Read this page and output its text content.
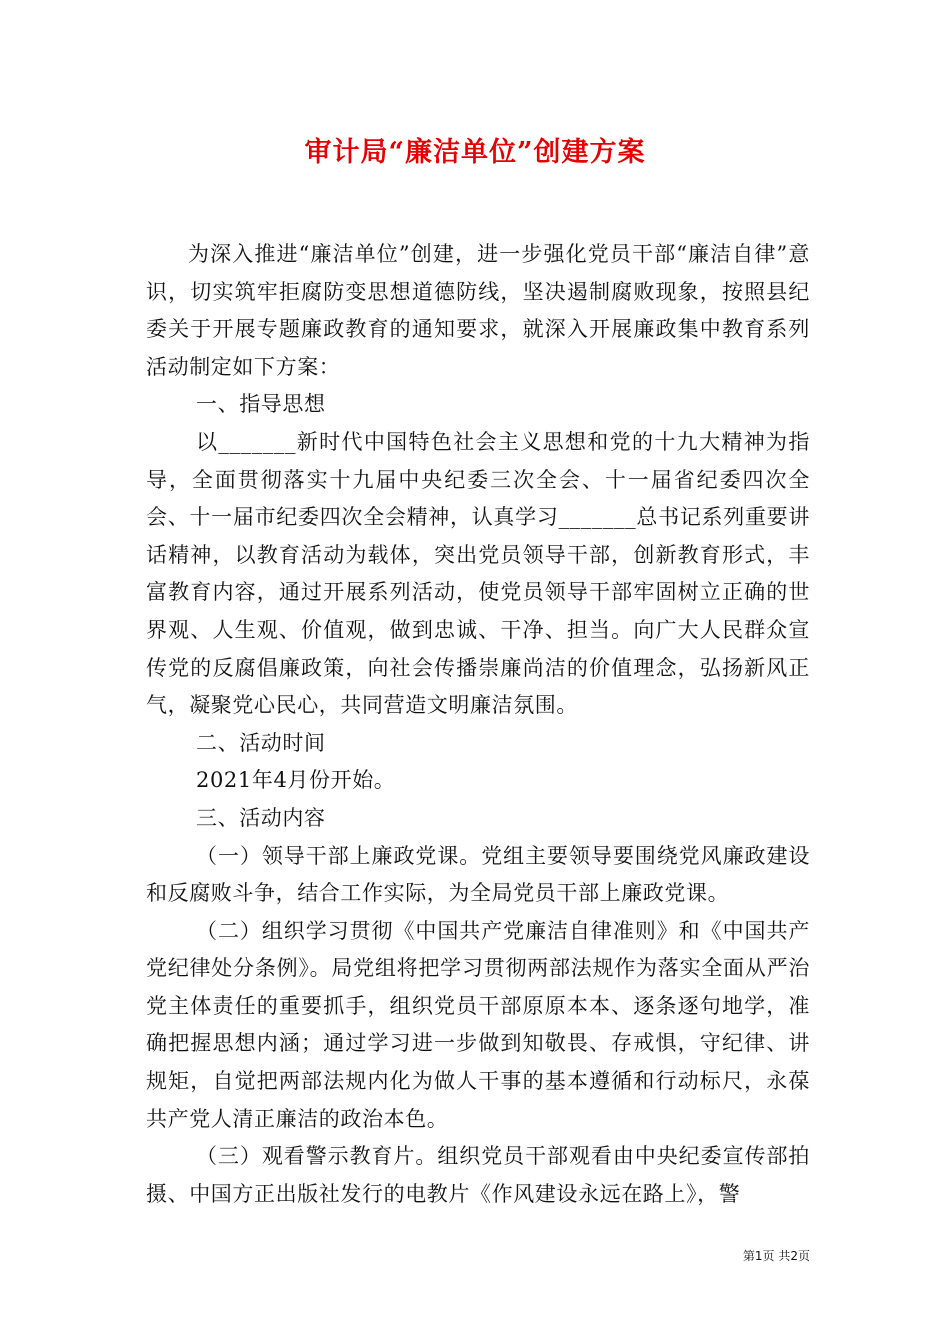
审计局“廉洁单位”创建方案

为深入推进“廉洁单位”创建，进一步强化党员干部“廉洁自律”意识，切实筑牢拒腐防变思想道德防线，坚决遏制腐败现象，按照县纪委关于开展专题廉政教育的通知要求，就深入开展廉政集中教育系列活动制定如下方案：

一、指导思想

以_______新时代中国特色社会主义思想和党的十九大精神为指导，全面贯彻落实十九届中央纪委三次全会、十一届省纪委四次全会、十一届市纪委四次全会精神，认真学习_______总书记系列重要讲话精神，以教育活动为载体，突出党员领导干部，创新教育形式，丰富教育内容，通过开展系列活动，使党员领导干部牢固树立正确的世界观、人生观、价值观，做到忠诚、干净、担当。向广大人民群众宣传党的反腐倡廉政策，向社会传播崇廉尚洁的价值理念，弘扬新风正气，凝聚党心民心，共同营造文明廉洁氛围。

二、活动时间

2021年4月份开始。

三、活动内容

（一）领导干部上廉政党课。党组主要领导要围绕党风廉政建设和反腐败斗争，结合工作实际，为全局党员干部上廉政党课。

（二）组织学习贯彻《中国共产党廉洁自律准则》和《中国共产党纪律处分条例》。局党组将把学习贯彻两部法规作为落实全面从严治党主体责任的重要抓手，组织党员干部原原本本、逐条逐句地学，准确把握思想内涵；通过学习进一步做到知敬畏、存戒惧，守纪律、讲规矩，自觉把两部法规内化为做人干事的基本遵循和行动标尺，永葆共产党人清正廉洁的政治本色。

（三）观看警示教育片。组织党员干部观看由中央纪委宣传部拍摄、中国方正出版社发行的电教片《作风建设永远在路上》，警

第1页 共2页
